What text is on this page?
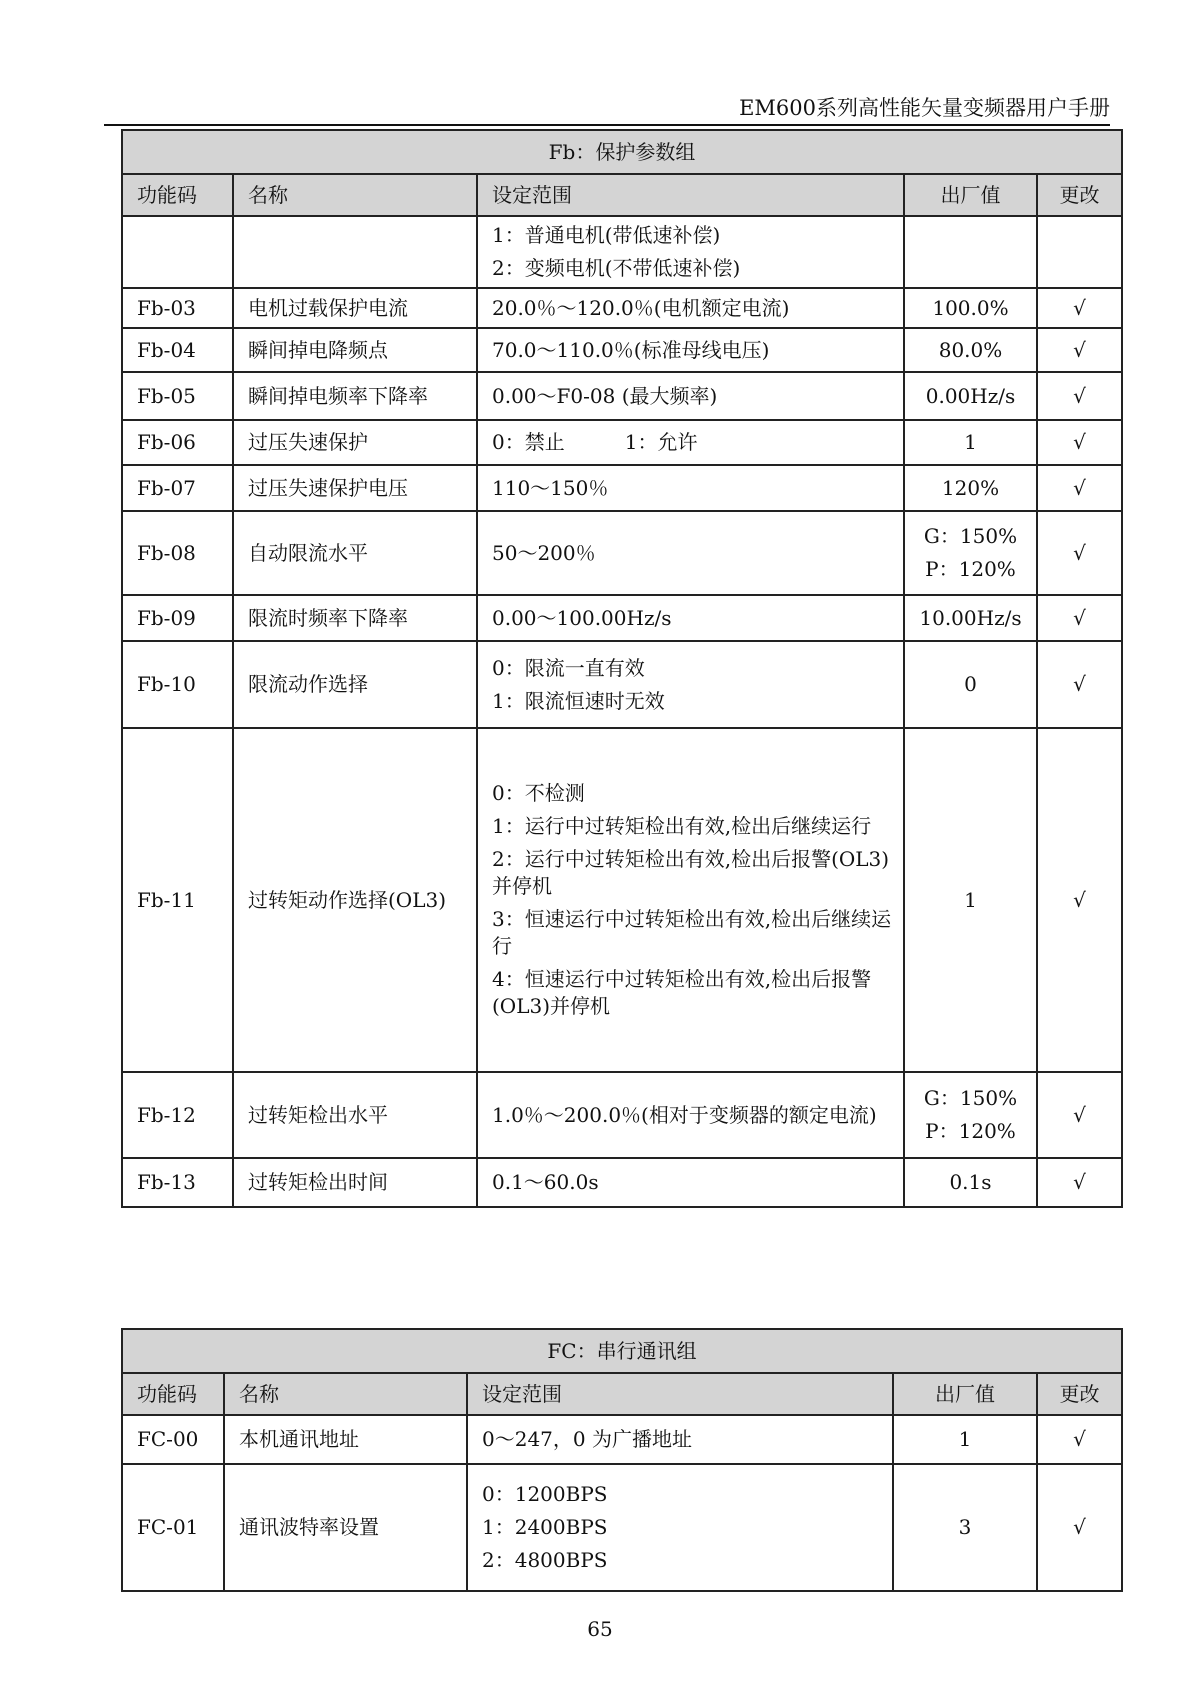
EM600系列高性能矢量变频器用户手册
Fb：保护参数组				
功能码	名称	设定范围	出厂值	更改

		1：普通电机(带低速补偿)
2：变频电机(不带低速补偿)		

Fb-03	电机过载保护电流	20.0％～120.0％(电机额定电流)	100.0%	√
Fb-04	瞬间掉电降频点	70.0～110.0％(标准母线电压)	80.0%	√
Fb-05	瞬间掉电频率下降率	0.00～F0-08 (最大频率)	0.00Hz/s	√
Fb-06	过压失速保护	0：禁止　　　1：允许	1	√
Fb-07	过压失速保护电压	110～150％	120%	√
Fb-08	自动限流水平	50～200％	G：150%
P：120%	√
Fb-09	限流时频率下降率	0.00～100.00Hz/s	10.00Hz/s	√
Fb-10	限流动作选择	0：限流一直有效
1：限流恒速时无效	0	√
Fb-11	过转矩动作选择(OL3)	0：不检测
1：运行中过转矩检出有效,检出后继续运行
2：运行中过转矩检出有效,检出后报警(OL3)并停机
3：恒速运行中过转矩检出有效,检出后继续运行
4：恒速运行中过转矩检出有效,检出后报警(OL3)并停机	1	√
Fb-12	过转矩检出水平	1.0％～200.0％(相对于变频器的额定电流)	G：150%
P：120%	√
Fb-13	过转矩检出时间	0.1～60.0s	0.1s	√
FC：串行通讯组				
功能码	名称	设定范围	出厂值	更改
FC-00	本机通讯地址	0～247，0 为广播地址	1	√
FC-01	通讯波特率设置	0：1200BPS
1：2400BPS
2：4800BPS	3	√
65
